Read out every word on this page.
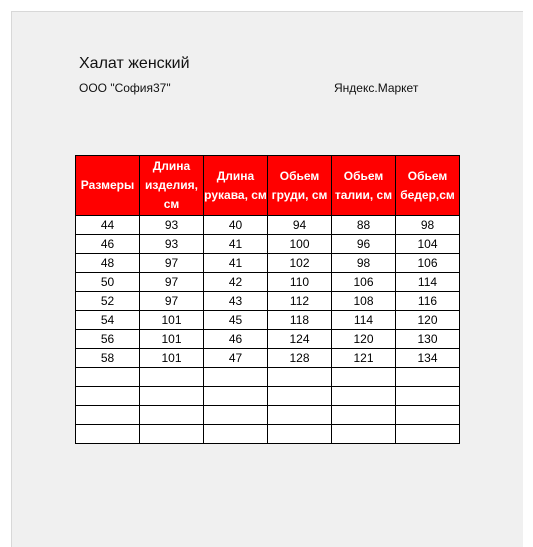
Халат женский
ООО "София37"	Яндекс.Маркет
Размеры	Длина изделия, см	Длина рукава, см	Обьем груди, см	Обьем талии, см	Обьем бедер,см
44	93	40	94	88	98
46	93	41	100	96	104
48	97	41	102	98	106
50	97	42	110	106	114
52	97	43	112	108	116
54	101	45	118	114	120
56	101	46	124	120	130
58	101	47	128	121	134
